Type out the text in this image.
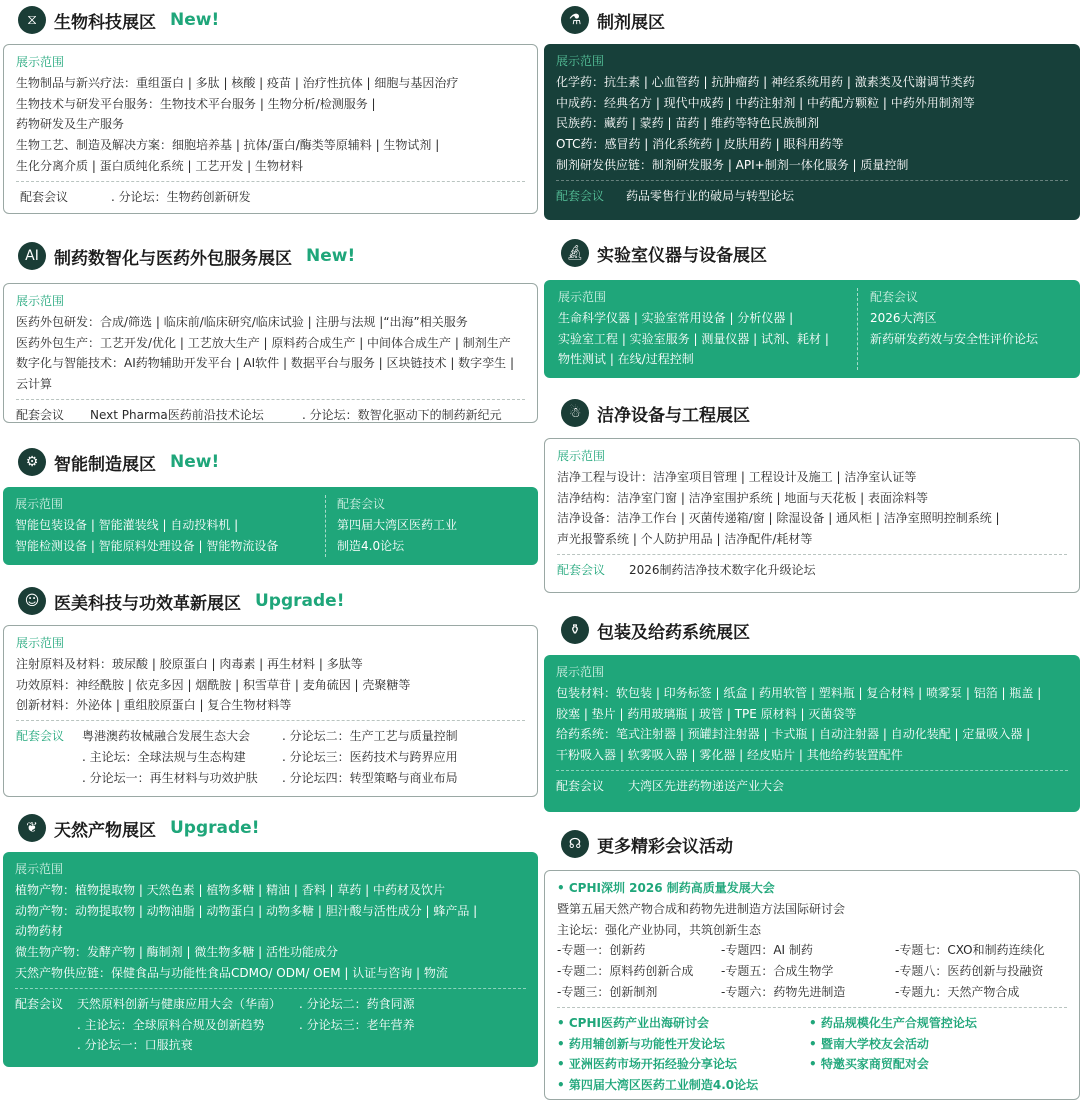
⧖	生物科技展区 New!
展示范围
生物制品与新兴疗法：重组蛋白 | 多肽 | 核酸 | 疫苗 | 治疗性抗体 | 细胞与基因治疗
生物技术与研发平台服务：生物技术平台服务 | 生物分析/检测服务 |
药物研发及生产服务
生物工艺、制造及解决方案：细胞培养基 | 抗体/蛋白/酶类等原辅料 | 生物试剂 |
生化分离介质 | 蛋白质纯化系统 | 工艺开发 | 生物材料
配套会议	. 分论坛：生物药创新研发
AI 制药数智化与医药外包服务展区 New!
展示范围
医药外包研发：合成/筛选 | 临床前/临床研究/临床试验 | 注册与法规 |“出海”相关服务
医药外包生产：工艺开发/优化 | 工艺放大生产 | 原料药合成生产 | 中间体合成生产 | 制剂生产
数字化与智能技术：AI药物辅助开发平台 | AI软件 | 数据平台与服务 | 区块链技术 | 数字孪生 |
云计算
配套会议	Next Pharma医药前沿技术论坛	. 分论坛：数智化驱动下的制药新纪元
⚙ 智能制造展区 New!
展示范围
智能包装设备 | 智能灌装线 | 自动投料机 |
智能检测设备 | 智能原料处理设备 | 智能物流设备
配套会议
第四届大湾区医药工业
制造4.0论坛
☺ 医美科技与功效革新展区 Upgrade!
展示范围
注射原料及材料：玻尿酸 | 胶原蛋白 | 肉毒素 | 再生材料 | 多肽等
功效原料：神经酰胺 | 依克多因 | 烟酰胺 | 积雪草苷 | 麦角硫因 | 壳聚糖等
创新材料：外泌体 | 重组胶原蛋白 | 复合生物材料等
配套会议	粤港澳药妆械融合发展生态大会
. 主论坛：全球法规与生态构建
. 分论坛一：再生材料与功效护肤
. 分论坛二：生产工艺与质量控制
. 分论坛三：医药技术与跨界应用
. 分论坛四：转型策略与商业布局
❦ 天然产物展区 Upgrade!
展示范围
植物产物：植物提取物 | 天然色素 | 植物多糖 | 精油 | 香料 | 草药 | 中药材及饮片
动物产物：动物提取物 | 动物油脂 | 动物蛋白 | 动物多糖 | 胆汁酸与活性成分 | 蜂产品 |
动物药材
微生物产物：发酵产物 | 酶制剂 | 微生物多糖 | 活性功能成分
天然产物供应链：保健食品与功能性食品CDMO/ ODM/ OEM | 认证与咨询 | 物流
配套会议	天然原料创新与健康应用大会（华南）
. 主论坛：全球原料合规及创新趋势
. 分论坛一：口服抗衰
. 分论坛二：药食同源
. 分论坛三：老年营养
⚗ 制剂展区
展示范围
化学药：抗生素 | 心血管药 | 抗肿瘤药 | 神经系统用药 | 激素类及代谢调节类药
中成药：经典名方 | 现代中成药 | 中药注射剂 | 中药配方颗粒 | 中药外用制剂等
民族药：藏药 | 蒙药 | 苗药 | 维药等特色民族制剂
OTC药：感冒药 | 消化系统药 | 皮肤用药 | 眼科用药等
制剂研发供应链：制剂研发服务 | API+制剂一体化服务 | 质量控制
配套会议	药品零售行业的破局与转型论坛
🔬︎ 实验室仪器与设备展区
展示范围
生命科学仪器 | 实验室常用设备 | 分析仪器 |
实验室工程 | 实验室服务 | 测量仪器 | 试剂、耗材 |
物性测试 | 在线/过程控制
配套会议
2026大湾区
新药研发药效与安全性评价论坛
☃ 洁净设备与工程展区
展示范围
洁净工程与设计：洁净室项目管理 | 工程设计及施工 | 洁净室认证等
洁净结构：洁净室门窗 | 洁净室围护系统 | 地面与天花板 | 表面涂料等
洁净设备：洁净工作台 | 灭菌传递箱/窗 | 除湿设备 | 通风柜 | 洁净室照明控制系统 |
声光报警系统 | 个人防护用品 | 洁净配件/耗材等
配套会议	2026制药洁净技术数字化升级论坛
⚱ 包装及给药系统展区
展示范围
包装材料：软包装 | 印务标签 | 纸盒 | 药用软管 | 塑料瓶 | 复合材料 | 喷雾泵 | 铝箔 | 瓶盖 |
胶塞 | 垫片 | 药用玻璃瓶 | 玻管 | TPE 原材料 | 灭菌袋等
给药系统：笔式注射器 | 预罐封注射器 | 卡式瓶 | 自动注射器 | 自动化装配 | 定量吸入器 |
干粉吸入器 | 软雾吸入器 | 雾化器 | 经皮贴片 | 其他给药装置配件
配套会议	大湾区先进药物递送产业大会
☊ 更多精彩会议活动
• CPHI深圳 2026 制药高质量发展大会
暨第五届天然产物合成和药物先进制造方法国际研讨会
主论坛：强化产业协同，共筑创新生态
-专题一：创新药	-专题四：AI 制药	-专题七：CXO和制药连续化
-专题二：原料药创新合成	-专题五：合成生物学	-专题八：医药创新与投融资
-专题三：创新制剂	-专题六：药物先进制造	-专题九：天然产物合成
• CPHI医药产业出海研讨会
• 药用辅创新与功能性开发论坛
• 亚洲医药市场开拓经验分享论坛
• 第四届大湾区医药工业制造4.0论坛
• 药品规模化生产合规管控论坛
• 暨南大学校友会活动
• 特邀买家商贸配对会
